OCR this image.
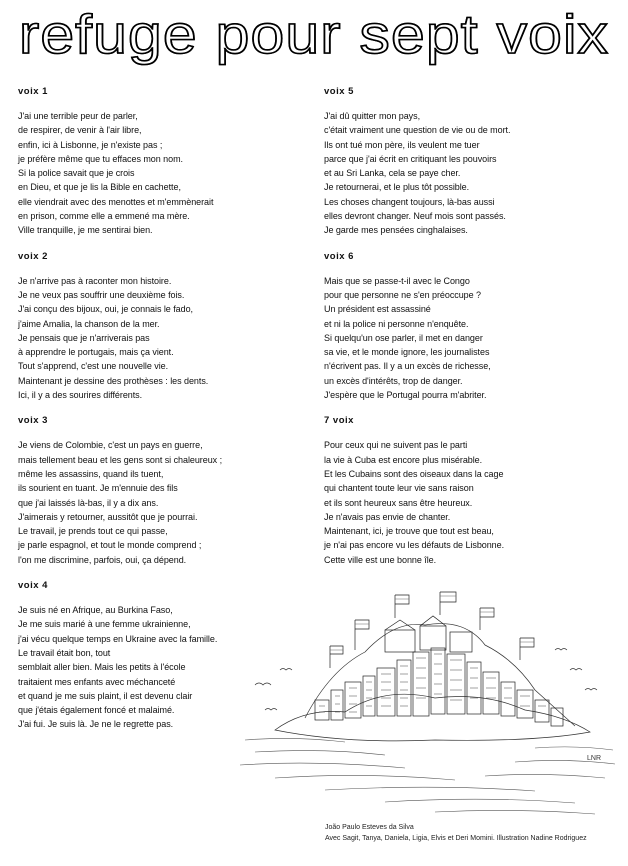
refuge pour sept voix
voix 1
J'ai une terrible peur de parler,
de respirer, de venir à l'air libre,
enfin, ici à Lisbonne, je n'existe pas ;
je préfère même que tu effaces mon nom.
Si la police savait que je crois
en Dieu, et que je lis la Bible en cachette,
elle viendrait avec des menottes et m'emmènerait
en prison, comme elle a emmené ma mère.
Ville tranquille, je me sentirai bien.
voix 2
Je n'arrive pas à raconter mon histoire.
Je ne veux pas souffrir une deuxième fois.
J'ai conçu des bijoux, oui, je connais le fado,
j'aime Amalia, la chanson de la mer.
Je pensais que je n'arriverais pas
à apprendre le portugais, mais ça vient.
Tout s'apprend, c'est une nouvelle vie.
Maintenant je dessine des prothèses : les dents.
Ici, il y a des sourires différents.
voix 3
Je viens de Colombie, c'est un pays en guerre,
mais tellement beau et les gens sont si chaleureux ;
même les assassins, quand ils tuent,
ils sourient en tuant. Je m'ennuie des fils
que j'ai laissés là-bas, il y a dix ans.
J'aimerais y retourner, aussitôt que je pourrai.
Le travail, je prends tout ce qui passe,
je parle espagnol, et tout le monde comprend ;
l'on me discrimine, parfois, oui, ça dépend.
voix 4
Je suis né en Afrique, au Burkina Faso,
Je me suis marié à une femme ukrainienne,
j'ai vécu quelque temps en Ukraine avec la famille.
Le travail était bon, tout
semblait aller bien. Mais les petits à l'école
traitaient mes enfants avec méchanceté
et quand je me suis plaint, il est devenu clair
que j'étais également foncé et malaimé.
J'ai fui. Je suis là. Je ne le regrette pas.
voix 5
J'ai dû quitter mon pays,
c'était vraiment une question de vie ou de mort.
Ils ont tué mon père, ils veulent me tuer
parce que j'ai écrit en critiquant les pouvoirs
et au Sri Lanka, cela se paye cher.
Je retournerai, et le plus tôt possible.
Les choses changent toujours, là-bas aussi
elles devront changer. Neuf mois sont passés.
Je garde mes pensées cinghalaises.
voix 6
Mais que se passe-t-il avec le Congo
pour que personne ne s'en préoccupe ?
Un président est assassiné
et ni la police ni personne n'enquête.
Si quelqu'un ose parler, il met en danger
sa vie, et le monde ignore, les journalistes
n'écrivent pas. Il y a un excès de richesse,
un excès d'intérêts, trop de danger.
J'espère que le Portugal pourra m'abriter.
7 voix
Pour ceux qui ne suivent pas le parti
la vie à Cuba est encore plus misérable.
Et les Cubains sont des oiseaux dans la cage
qui chantent toute leur vie sans raison
et ils sont heureux sans être heureux.
Je n'avais pas envie de chanter.
Maintenant, ici, je trouve que tout est beau,
je n'ai pas encore vu les défauts de Lisbonne.
Cette ville est une bonne île.
LNR
João Paulo Esteves da Silva
Avec Sagit, Tanya, Daniela, Ligia, Elvis et Deri Momini. Illustration Nadine Rodriguez
